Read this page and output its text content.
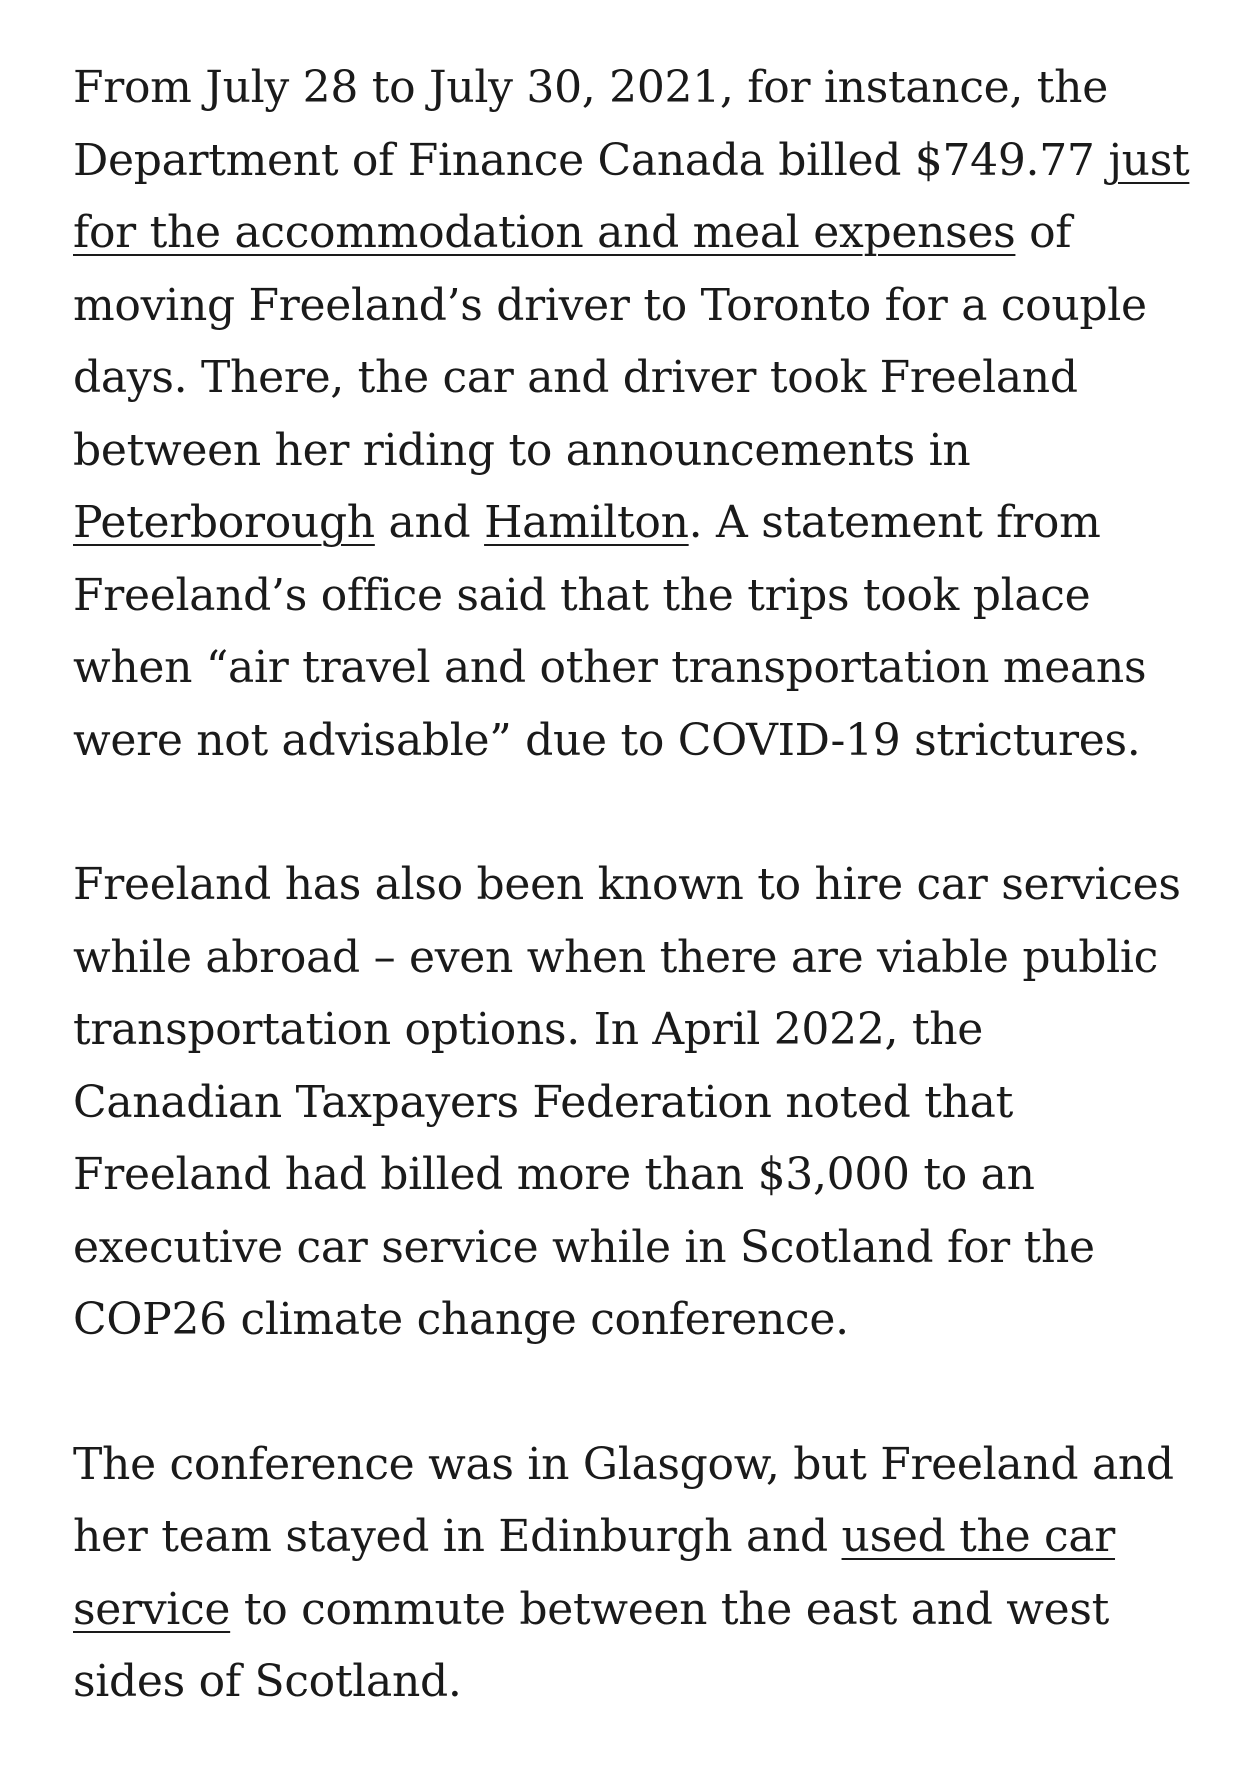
From July 28 to July 30, 2021, for instance, the Department of Finance Canada billed $749.77 just for the accommodation and meal expenses of moving Freeland’s driver to Toronto for a couple days. There, the car and driver took Freeland between her riding to announcements in Peterborough and Hamilton. A statement from Freeland’s office said that the trips took place when “air travel and other transportation means were not advisable” due to COVID-19 strictures.

Freeland has also been known to hire car services while abroad – even when there are viable public transportation options. In April 2022, the Canadian Taxpayers Federation noted that Freeland had billed more than $3,000 to an executive car service while in Scotland for the COP26 climate change conference.

The conference was in Glasgow, but Freeland and her team stayed in Edinburgh and used the car service to commute between the east and west sides of Scotland.
